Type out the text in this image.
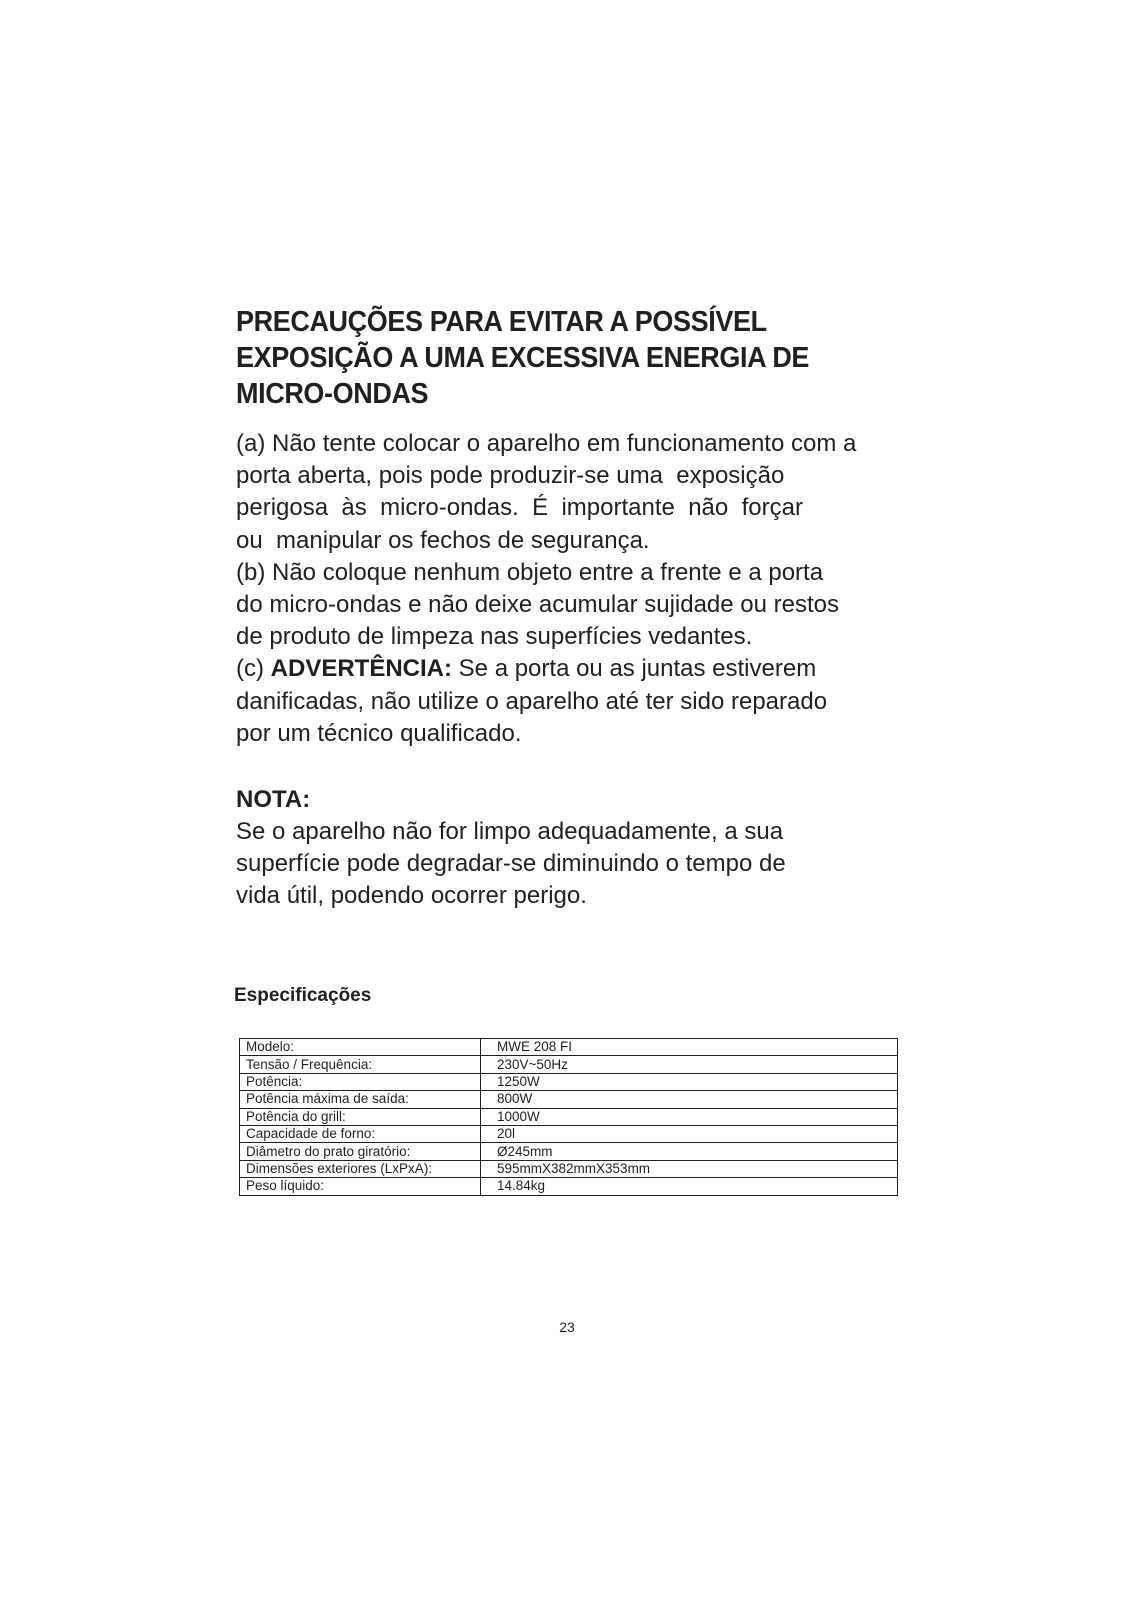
PRECAUÇÕES PARA EVITAR A POSSÍVEL
EXPOSIÇÃO A UMA EXCESSIVA ENERGIA DE
MICRO-ONDAS
(a) Não tente colocar o aparelho em funcionamento com a
porta aberta, pois pode produzir-se uma  exposição
perigosa  às  micro-ondas.  É  importante  não  forçar
ou  manipular os fechos de segurança.
(b) Não coloque nenhum objeto entre a frente e a porta
do micro-ondas e não deixe acumular sujidade ou restos
de produto de limpeza nas superfícies vedantes.
(c) ADVERTÊNCIA: Se a porta ou as juntas estiverem
danificadas, não utilize o aparelho até ter sido reparado
por um técnico qualificado.
NOTA:
Se o aparelho não for limpo adequadamente, a sua
superfície pode degradar-se diminuindo o tempo de
vida útil, podendo ocorrer perigo.
Especificações
Modelo:	MWE 208 FI
Tensão / Frequência:	230V~50Hz
Potência:	1250W
Potência máxima de saída:	800W
Potência do grill:	1000W
Capacidade de forno:	20l
Diâmetro do prato giratório:	Ø245mm
Dimensões exteriores (LxPxA):	595mmX382mmX353mm
Peso líquido:	14.84kg
23
